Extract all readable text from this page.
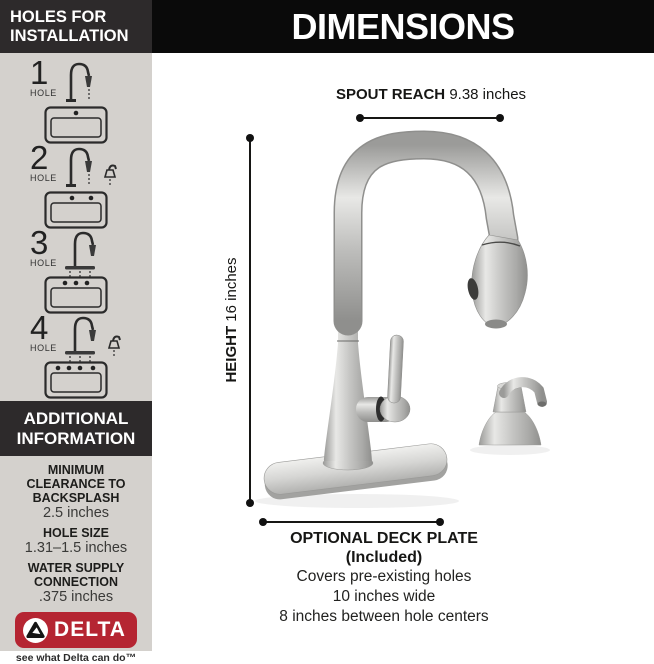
HOLES FOR INSTALLATION
1
HOLE
2
HOLE
3
HOLE
4
HOLE
ADDITIONAL INFORMATION
MINIMUM CLEARANCE TO BACKSPLASH
2.5 inches
HOLE SIZE
1.31–1.5 inches
WATER SUPPLY CONNECTION
.375 inches
DELTA
see what Delta can do™
DIMENSIONS
SPOUT REACH 9.38 inches
HEIGHT 16 inches
OPTIONAL DECK PLATE (Included)
Covers pre-existing holes
10 inches wide
8 inches between hole centers
